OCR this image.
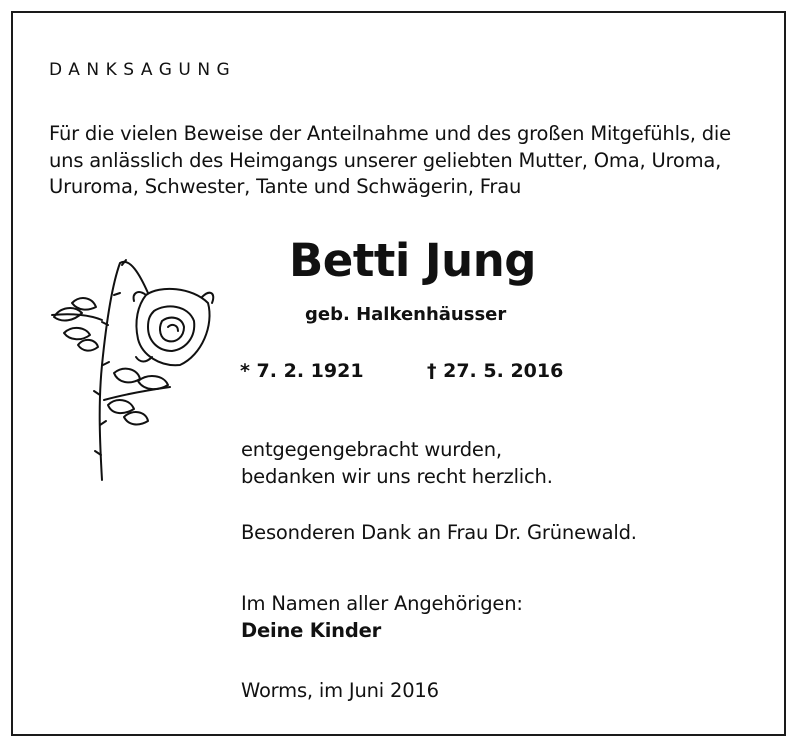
DANKSAGUNG
Für die vielen Beweise der Anteilnahme und des großen Mitgefühls, die
uns anlässlich des Heimgangs unserer geliebten Mutter, Oma, Uroma,
Ururoma, Schwester, Tante und Schwägerin, Frau
Betti Jung
geb. Halkenhäusser
* 7. 2. 1921	† 27. 5. 2016
entgegengebracht wurden,
bedanken wir uns recht herzlich.
Besonderen Dank an Frau Dr. Grünewald.
Im Namen aller Angehörigen:
Deine Kinder
Worms, im Juni 2016
